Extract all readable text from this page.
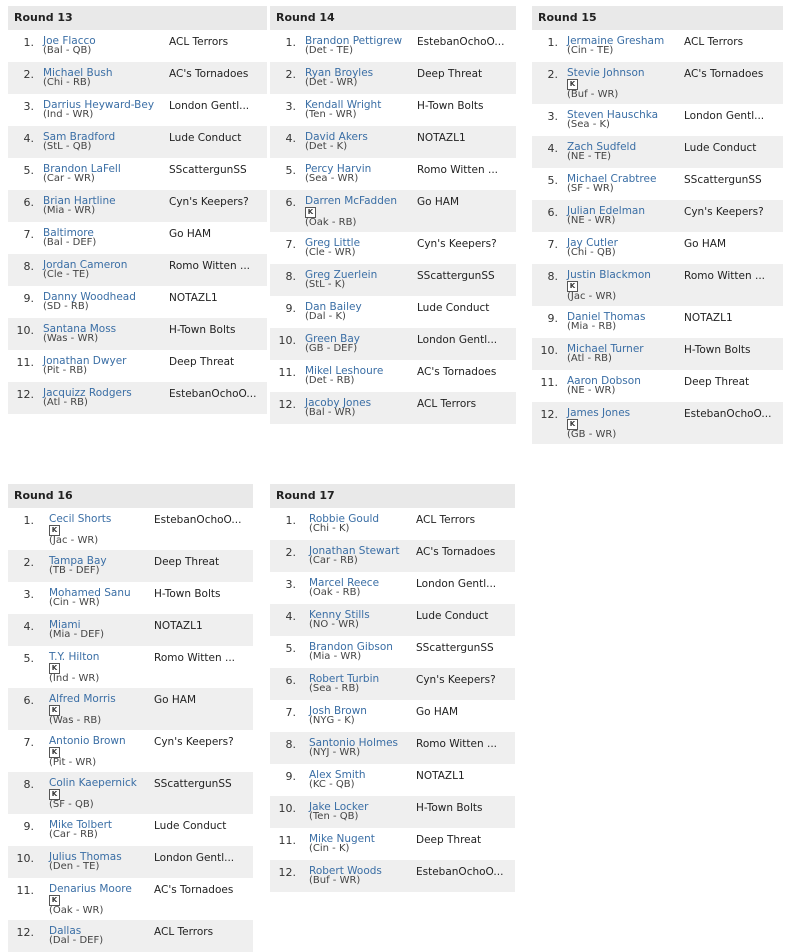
Round 13
1. Joe Flacco
(Bal - QB)
ACL Terrors
2. Michael Bush
(Chi - RB)
AC's Tornadoes
3. Darrius Heyward-Bey
(Ind - WR)
London Gentl...
4. Sam Bradford
(StL - QB)
Lude Conduct
5. Brandon LaFell
(Car - WR)
SScattergunSS
6. Brian Hartline
(Mia - WR)
Cyn's Keepers?
7. Baltimore
(Bal - DEF)
Go HAM
8. Jordan Cameron
(Cle - TE)
Romo Witten ...
9. Danny Woodhead
(SD - RB)
NOTAZL1
10. Santana Moss
(Was - WR)
H-Town Bolts
11. Jonathan Dwyer
(Pit - RB)
Deep Threat
12. Jacquizz Rodgers
(Atl - RB)
EstebanOchoO...
Round 14
1. Brandon Pettigrew
(Det - TE)
EstebanOchoO...
2. Ryan Broyles
(Det - WR)
Deep Threat
3. Kendall Wright
(Ten - WR)
H-Town Bolts
4. David Akers
(Det - K)
NOTAZL1
5. Percy Harvin
(Sea - WR)
Romo Witten ...
6. Darren McFadden
K
(Oak - RB)
Go HAM
7. Greg Little
(Cle - WR)
Cyn's Keepers?
8. Greg Zuerlein
(StL - K)
SScattergunSS
9. Dan Bailey
(Dal - K)
Lude Conduct
10. Green Bay
(GB - DEF)
London Gentl...
11. Mikel Leshoure
(Det - RB)
AC's Tornadoes
12. Jacoby Jones
(Bal - WR)
ACL Terrors
Round 15
1. Jermaine Gresham
(Cin - TE)
ACL Terrors
2. Stevie Johnson
K
(Buf - WR)
AC's Tornadoes
3. Steven Hauschka
(Sea - K)
London Gentl...
4. Zach Sudfeld
(NE - TE)
Lude Conduct
5. Michael Crabtree
(SF - WR)
SScattergunSS
6. Julian Edelman
(NE - WR)
Cyn's Keepers?
7. Jay Cutler
(Chi - QB)
Go HAM
8. Justin Blackmon
K
(Jac - WR)
Romo Witten ...
9. Daniel Thomas
(Mia - RB)
NOTAZL1
10. Michael Turner
(Atl - RB)
H-Town Bolts
11. Aaron Dobson
(NE - WR)
Deep Threat
12. James Jones
K
(GB - WR)
EstebanOchoO...
Round 16
1. Cecil Shorts
K
(Jac - WR)
EstebanOchoO...
2. Tampa Bay
(TB - DEF)
Deep Threat
3. Mohamed Sanu
(Cin - WR)
H-Town Bolts
4. Miami
(Mia - DEF)
NOTAZL1
5. T.Y. Hilton
K
(Ind - WR)
Romo Witten ...
6. Alfred Morris
K
(Was - RB)
Go HAM
7. Antonio Brown
K
(Pit - WR)
Cyn's Keepers?
8. Colin Kaepernick
K
(SF - QB)
SScattergunSS
9. Mike Tolbert
(Car - RB)
Lude Conduct
10. Julius Thomas
(Den - TE)
London Gentl...
11. Denarius Moore
K
(Oak - WR)
AC's Tornadoes
12. Dallas
(Dal - DEF)
ACL Terrors
Round 17
1. Robbie Gould
(Chi - K)
ACL Terrors
2. Jonathan Stewart
(Car - RB)
AC's Tornadoes
3. Marcel Reece
(Oak - RB)
London Gentl...
4. Kenny Stills
(NO - WR)
Lude Conduct
5. Brandon Gibson
(Mia - WR)
SScattergunSS
6. Robert Turbin
(Sea - RB)
Cyn's Keepers?
7. Josh Brown
(NYG - K)
Go HAM
8. Santonio Holmes
(NYJ - WR)
Romo Witten ...
9. Alex Smith
(KC - QB)
NOTAZL1
10. Jake Locker
(Ten - QB)
H-Town Bolts
11. Mike Nugent
(Cin - K)
Deep Threat
12. Robert Woods
(Buf - WR)
EstebanOchoO...
